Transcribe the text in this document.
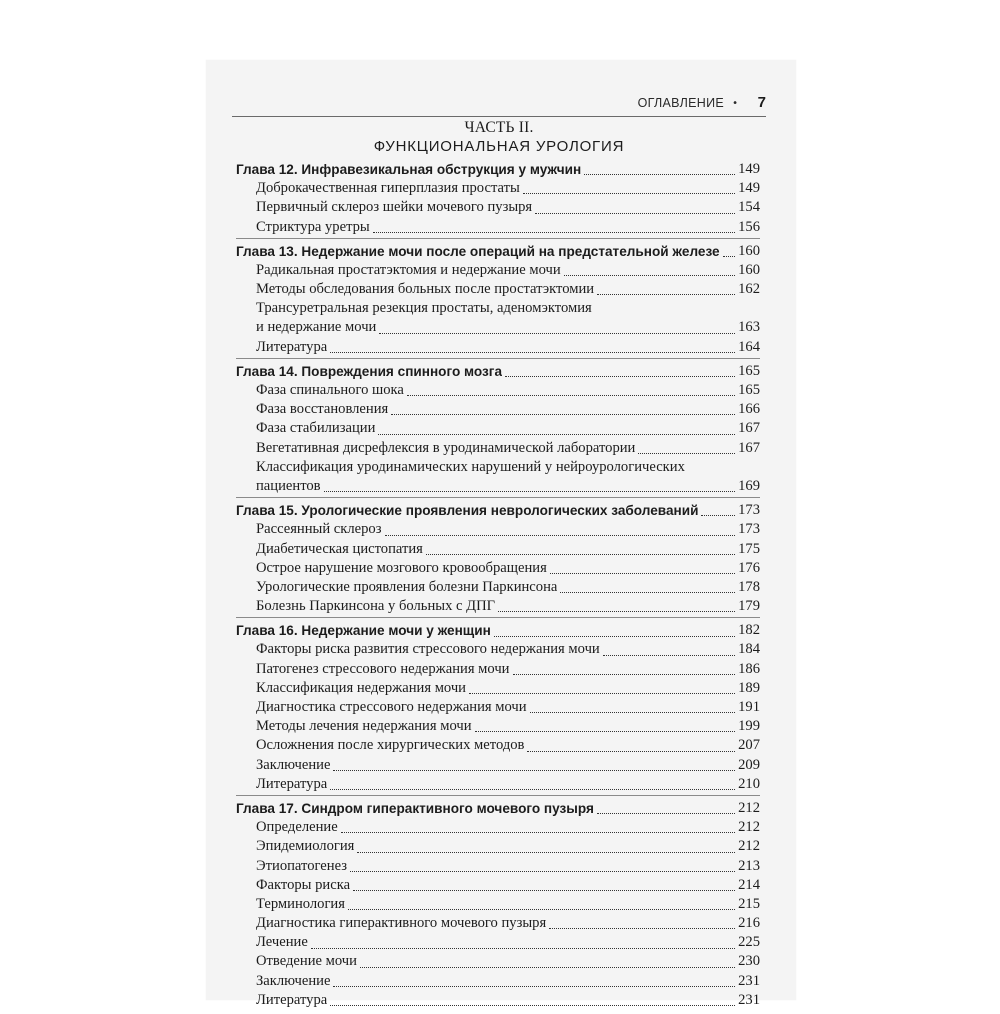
ОГЛАВЛЕНИЕ • 7
ЧАСТЬ II.
ФУНКЦИОНАЛЬНАЯ УРОЛОГИЯ
Глава 12. Инфравезикальная обструкция у мужчин	149
Доброкачественная гиперплазия простаты	149
Первичный склероз шейки мочевого пузыря	154
Стриктура уретры	156
Глава 13. Недержание мочи после операций на предстательной железе 160
Радикальная простатэктомия и недержание мочи	160
Методы обследования больных после простатэктомии	162
Трансуретральная резекция простаты, аденомэктомия
и недержание мочи	163
Литература	164
Глава 14. Повреждения спинного мозга	165
Фаза спинального шока	165
Фаза восстановления	166
Фаза стабилизации	167
Вегетативная дисрефлексия в уродинамической лаборатории	167
Классификация уродинамических нарушений у нейроурологических
пациентов	169
Глава 15. Урологические проявления неврологических заболеваний	173
Рассеянный склероз	173
Диабетическая цистопатия	175
Острое нарушение мозгового кровообращения	176
Урологические проявления болезни Паркинсона	178
Болезнь Паркинсона у больных с ДПГ	179
Глава 16. Недержание мочи у женщин	182
Факторы риска развития стрессового недержания мочи	184
Патогенез стрессового недержания мочи	186
Классификация недержания мочи	189
Диагностика стрессового недержания мочи	191
Методы лечения недержания мочи	199
Осложнения после хирургических методов	207
Заключение	209
Литература	210
Глава 17. Синдром гиперактивного мочевого пузыря	212
Определение	212
Эпидемиология	212
Этиопатогенез	213
Факторы риска	214
Терминология	215
Диагностика гиперактивного мочевого пузыря	216
Лечение	225
Отведение мочи	230
Заключение	231
Литература	231
